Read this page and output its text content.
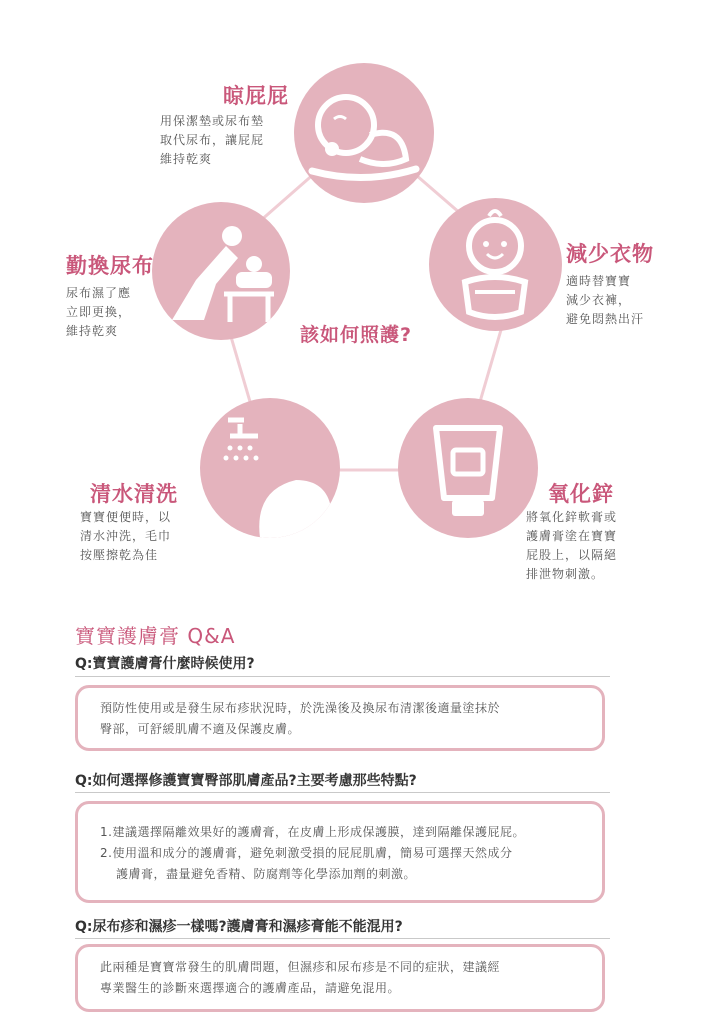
晾屁屁
用保潔墊或尿布墊
取代尿布，讓屁屁
維持乾爽
減少衣物
適時替寶寶
減少衣褲，
避免悶熱出汗
氧化鋅
將氧化鋅軟膏或
護膚膏塗在寶寶
屁股上，以隔絕
排泄物刺激。
清水清洗
寶寶便便時，以
清水沖洗，毛巾
按壓擦乾為佳
勤換尿布
尿布濕了應
立即更換，
維持乾爽	該如何照護?
寶寶護膚膏 Q&A
Q:寶寶護膚膏什麼時候使用?
預防性使用或是發生尿布疹狀況時，於洗澡後及換尿布清潔後適量塗抹於
臀部，可舒緩肌膚不適及保護皮膚。
Q:如何選擇修護寶寶臀部肌膚產品?主要考慮那些特點?
1.建議選擇隔離效果好的護膚膏，在皮膚上形成保護膜，達到隔離保護屁屁。
2.使用溫和成分的護膚膏，避免刺激受損的屁屁肌膚，簡易可選擇天然成分
護膚膏，盡量避免香精、防腐劑等化學添加劑的刺激。
Q:尿布疹和濕疹一樣嗎?護膚膏和濕疹膏能不能混用?
此兩種是寶寶常發生的肌膚問題，但濕疹和尿布疹是不同的症狀，建議經
專業醫生的診斷來選擇適合的護膚產品，請避免混用。
